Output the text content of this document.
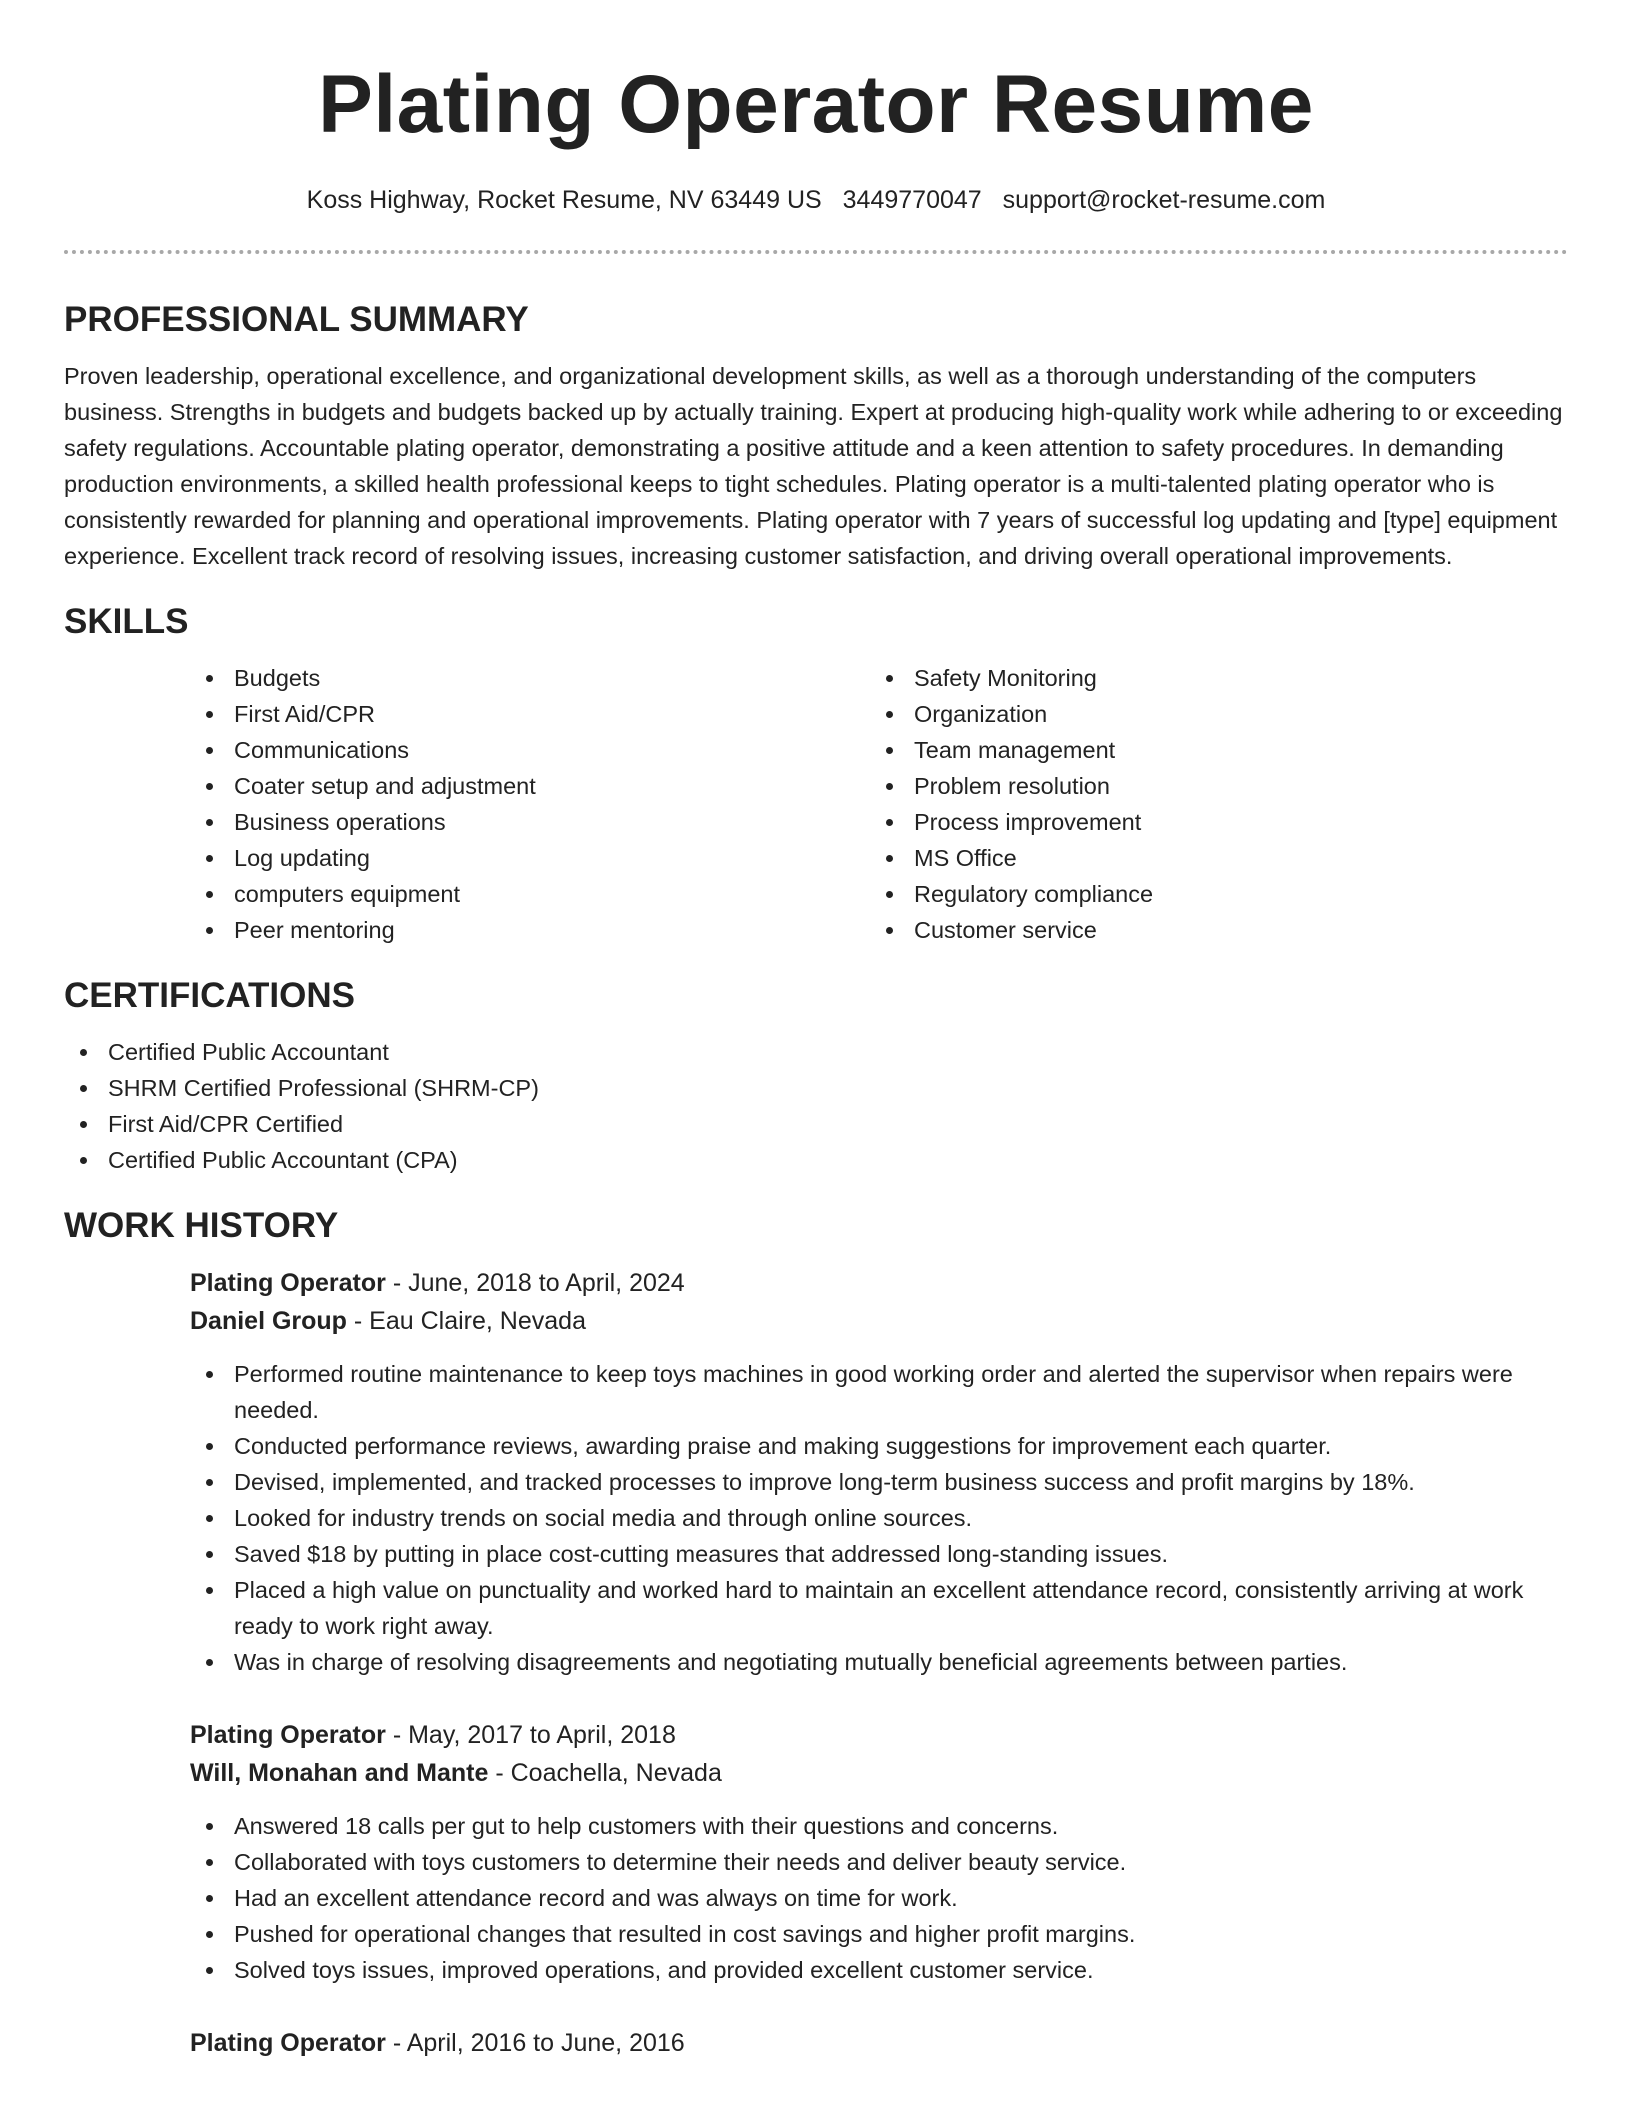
Plating Operator Resume
Koss Highway, Rocket Resume, NV 63449 US 3449770047 support@rocket-resume.com
PROFESSIONAL SUMMARY

Proven leadership, operational excellence, and organizational development skills, as well as a thorough understanding of the computers business. Strengths in budgets and budgets backed up by actually training. Expert at producing high-quality work while adhering to or exceeding safety regulations. Accountable plating operator, demonstrating a positive attitude and a keen attention to safety procedures. In demanding production environments, a skilled health professional keeps to tight schedules. Plating operator is a multi-talented plating operator who is consistently rewarded for planning and operational improvements. Plating operator with 7 years of successful log updating and [type] equipment experience. Excellent track record of resolving issues, increasing customer satisfaction, and driving overall operational improvements.

SKILLS
Budgets
First Aid/CPR
Communications
Coater setup and adjustment
Business operations
Log updating
computers equipment
Peer mentoring
Safety Monitoring
Organization
Team management
Problem resolution
Process improvement
MS Office
Regulatory compliance
Customer service
CERTIFICATIONS
Certified Public Accountant
SHRM Certified Professional (SHRM-CP)
First Aid/CPR Certified
Certified Public Accountant (CPA)
WORK HISTORY
Plating Operator - June, 2018 to April, 2024
Daniel Group - Eau Claire, Nevada
Performed routine maintenance to keep toys machines in good working order and alerted the supervisor when repairs were needed.
Conducted performance reviews, awarding praise and making suggestions for improvement each quarter.
Devised, implemented, and tracked processes to improve long-term business success and profit margins by 18%.
Looked for industry trends on social media and through online sources.
Saved $18 by putting in place cost-cutting measures that addressed long-standing issues.
Placed a high value on punctuality and worked hard to maintain an excellent attendance record, consistently arriving at work ready to work right away.
Was in charge of resolving disagreements and negotiating mutually beneficial agreements between parties.
Plating Operator - May, 2017 to April, 2018
Will, Monahan and Mante - Coachella, Nevada
Answered 18 calls per gut to help customers with their questions and concerns.
Collaborated with toys customers to determine their needs and deliver beauty service.
Had an excellent attendance record and was always on time for work.
Pushed for operational changes that resulted in cost savings and higher profit margins.
Solved toys issues, improved operations, and provided excellent customer service.
Plating Operator - April, 2016 to June, 2016
